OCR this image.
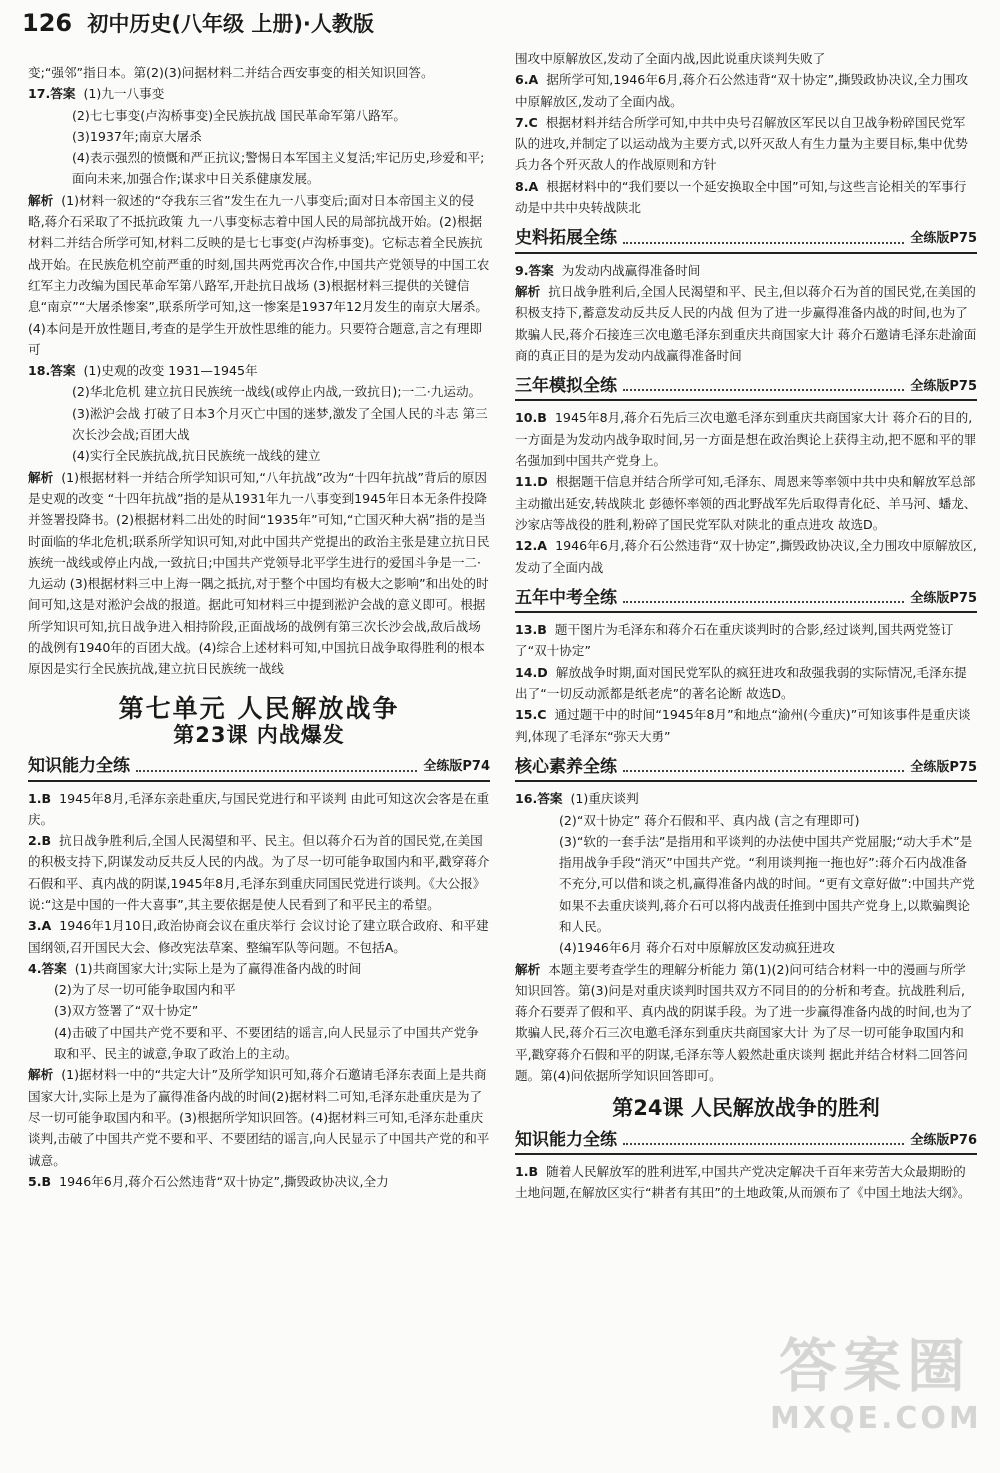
126 初中历史(八年级 上册)·人教版

变;“强邻”指日本。第(2)(3)问据材料二并结合西安事变的相关知识回答。

17.答案 (1)九一八事变

(2)七七事变(卢沟桥事变)全民族抗战 国民革命军第八路军。

(3)1937年;南京大屠杀

(4)表示强烈的愤慨和严正抗议;警惕日本军国主义复活;牢记历史,珍爱和平;面向未来,加强合作;谋求中日关系健康发展。

解析 (1)材料一叙述的“夺我东三省”发生在九一八事变后;面对日本帝国主义的侵略,蒋介石采取了不抵抗政策 九一八事变标志着中国人民的局部抗战开始。(2)根据材料二并结合所学可知,材料二反映的是七七事变(卢沟桥事变)。它标志着全民族抗战开始。在民族危机空前严重的时刻,国共两党再次合作,中国共产党领导的中国工农红军主力改编为国民革命军第八路军,开赴抗日战场 (3)根据材料三提供的关键信息“南京”“大屠杀惨案”,联系所学可知,这一惨案是1937年12月发生的南京大屠杀。(4)本问是开放性题目,考查的是学生开放性思维的能力。只要符合题意,言之有理即可

18.答案 (1)史观的改变 1931—1945年

(2)华北危机 建立抗日民族统一战线(或停止内战,一致抗日);一二·九运动。

(3)淞沪会战 打破了日本3个月灭亡中国的迷梦,激发了全国人民的斗志 第三次长沙会战;百团大战

(4)实行全民族抗战,抗日民族统一战线的建立

解析 (1)根据材料一并结合所学知识可知,“八年抗战”改为“十四年抗战”背后的原因是史观的改变 “十四年抗战”指的是从1931年九一八事变到1945年日本无条件投降并签署投降书。(2)根据材料二出处的时间“1935年”可知,“亡国灭种大祸”指的是当时面临的华北危机;联系所学知识可知,对此中国共产党提出的政治主张是建立抗日民族统一战线或停止内战,一致抗日;中国共产党领导北平学生进行的爱国斗争是一二·九运动 (3)根据材料三中上海一隅之抵抗,对于整个中国均有极大之影响”和出处的时间可知,这是对淞沪会战的报道。据此可知材料三中提到淞沪会战的意义即可。根据所学知识可知,抗日战争进入相持阶段,正面战场的战例有第三次长沙会战,敌后战场的战例有1940年的百团大战。(4)综合上述材料可知,中国抗日战争取得胜利的根本原因是实行全民族抗战,建立抗日民族统一战线

第七单元 人民解放战争
第23课 内战爆发
知识能力全练	全练版P74

1.B 1945年8月,毛泽东亲赴重庆,与国民党进行和平谈判 由此可知这次会客是在重庆。

2.B 抗日战争胜利后,全国人民渴望和平、民主。但以蒋介石为首的国民党,在美国的积极支持下,阴谋发动反共反人民的内战。为了尽一切可能争取国内和平,戳穿蒋介石假和平、真内战的阴谋,1945年8月,毛泽东到重庆同国民党进行谈判。《大公报》说:“这是中国的一件大喜事”,其主要依据是使人民看到了和平民主的希望。

3.A 1946年1月10日,政治协商会议在重庆举行 会议讨论了建立联合政府、和平建国纲领,召开国民大会、修改宪法草案、整编军队等问题。不包括A。

4.答案 (1)共商国家大计;实际上是为了赢得准备内战的时间

(2)为了尽一切可能争取国内和平

(3)双方签署了“双十协定”

(4)击破了中国共产党不要和平、不要团结的谣言,向人民显示了中国共产党争取和平、民主的诚意,争取了政治上的主动。

解析 (1)据材料一中的“共定大计”及所学知识可知,蒋介石邀请毛泽东表面上是共商国家大计,实际上是为了赢得准备内战的时间(2)据材料二可知,毛泽东赴重庆是为了尽一切可能争取国内和平。(3)根据所学知识回答。(4)据材料三可知,毛泽东赴重庆谈判,击破了中国共产党不要和平、不要团结的谣言,向人民显示了中国共产党的和平诚意。

5.B 1946年6月,蒋介石公然违背“双十协定”,撕毁政协决议,全力

围攻中原解放区,发动了全面内战,因此说重庆谈判失败了

6.A 据所学可知,1946年6月,蒋介石公然违背“双十协定”,撕毁政协决议,全力围攻中原解放区,发动了全面内战。

7.C 根据材料并结合所学可知,中共中央号召解放区军民以自卫战争粉碎国民党军队的进攻,并制定了以运动战为主要方式,以歼灭敌人有生力量为主要目标,集中优势兵力各个歼灭敌人的作战原则和方针

8.A 根据材料中的“我们要以一个延安换取全中国”可知,与这些言论相关的军事行动是中共中央转战陕北

史料拓展全练	全练版P75

9.答案 为发动内战赢得准备时间

解析 抗日战争胜利后,全国人民渴望和平、民主,但以蒋介石为首的国民党,在美国的积极支持下,蓄意发动反共反人民的内战 但为了进一步赢得准备内战的时间,也为了欺骗人民,蒋介石接连三次电邀毛泽东到重庆共商国家大计 蒋介石邀请毛泽东赴渝面商的真正目的是为发动内战赢得准备时间

三年模拟全练	全练版P75

10.B 1945年8月,蒋介石先后三次电邀毛泽东到重庆共商国家大计 蒋介石的目的,一方面是为发动内战争取时间,另一方面是想在政治舆论上获得主动,把不愿和平的罪名强加到中国共产党身上。

11.D 根据题干信息并结合所学可知,毛泽东、周恩来等率领中共中央和解放军总部主动撤出延安,转战陕北 彭德怀率领的西北野战军先后取得青化砭、羊马河、蟠龙、沙家店等战役的胜利,粉碎了国民党军队对陕北的重点进攻 故选D。

12.A 1946年6月,蒋介石公然违背“双十协定”,撕毁政协决议,全力围攻中原解放区,发动了全面内战

五年中考全练	全练版P75

13.B 题干图片为毛泽东和蒋介石在重庆谈判时的合影,经过谈判,国共两党签订了“双十协定”

14.D 解放战争时期,面对国民党军队的疯狂进攻和敌强我弱的实际情况,毛泽东提出了“一切反动派都是纸老虎”的著名论断 故选D。

15.C 通过题干中的时间“1945年8月”和地点“渝州(今重庆)”可知该事件是重庆谈判,体现了毛泽东“弥天大勇”

核心素养全练	全练版P75

16.答案 (1)重庆谈判

(2)“双十协定” 蒋介石假和平、真内战 (言之有理即可)

(3)“软的一套手法”是指用和平谈判的办法使中国共产党屈服;“动大手术”是指用战争手段“消灭”中国共产党。“利用谈判拖一拖也好”:蒋介石内战准备不充分,可以借和谈之机,赢得准备内战的时间。“更有文章好做”:中国共产党如果不去重庆谈判,蒋介石可以将内战责任推到中国共产党身上,以欺骗舆论和人民。

(4)1946年6月 蒋介石对中原解放区发动疯狂进攻

解析 本题主要考查学生的理解分析能力 第(1)(2)问可结合材料一中的漫画与所学知识回答。第(3)问是对重庆谈判时国共双方不同目的的分析和考查。抗战胜利后,蒋介石要弄了假和平、真内战的阴谋手段。为了进一步赢得准备内战的时间,也为了欺骗人民,蒋介石三次电邀毛泽东到重庆共商国家大计 为了尽一切可能争取国内和平,戳穿蒋介石假和平的阴谋,毛泽东等人毅然赴重庆谈判 据此并结合材料二回答问题。第(4)问依据所学知识回答即可。

第24课 人民解放战争的胜利
知识能力全练	全练版P76

1.B 随着人民解放军的胜利进军,中国共产党决定解决千百年来劳苦大众最期盼的土地问题,在解放区实行“耕者有其田”的土地政策,从而颁布了《中国土地法大纲》。

答案圈
MXQE.COM
